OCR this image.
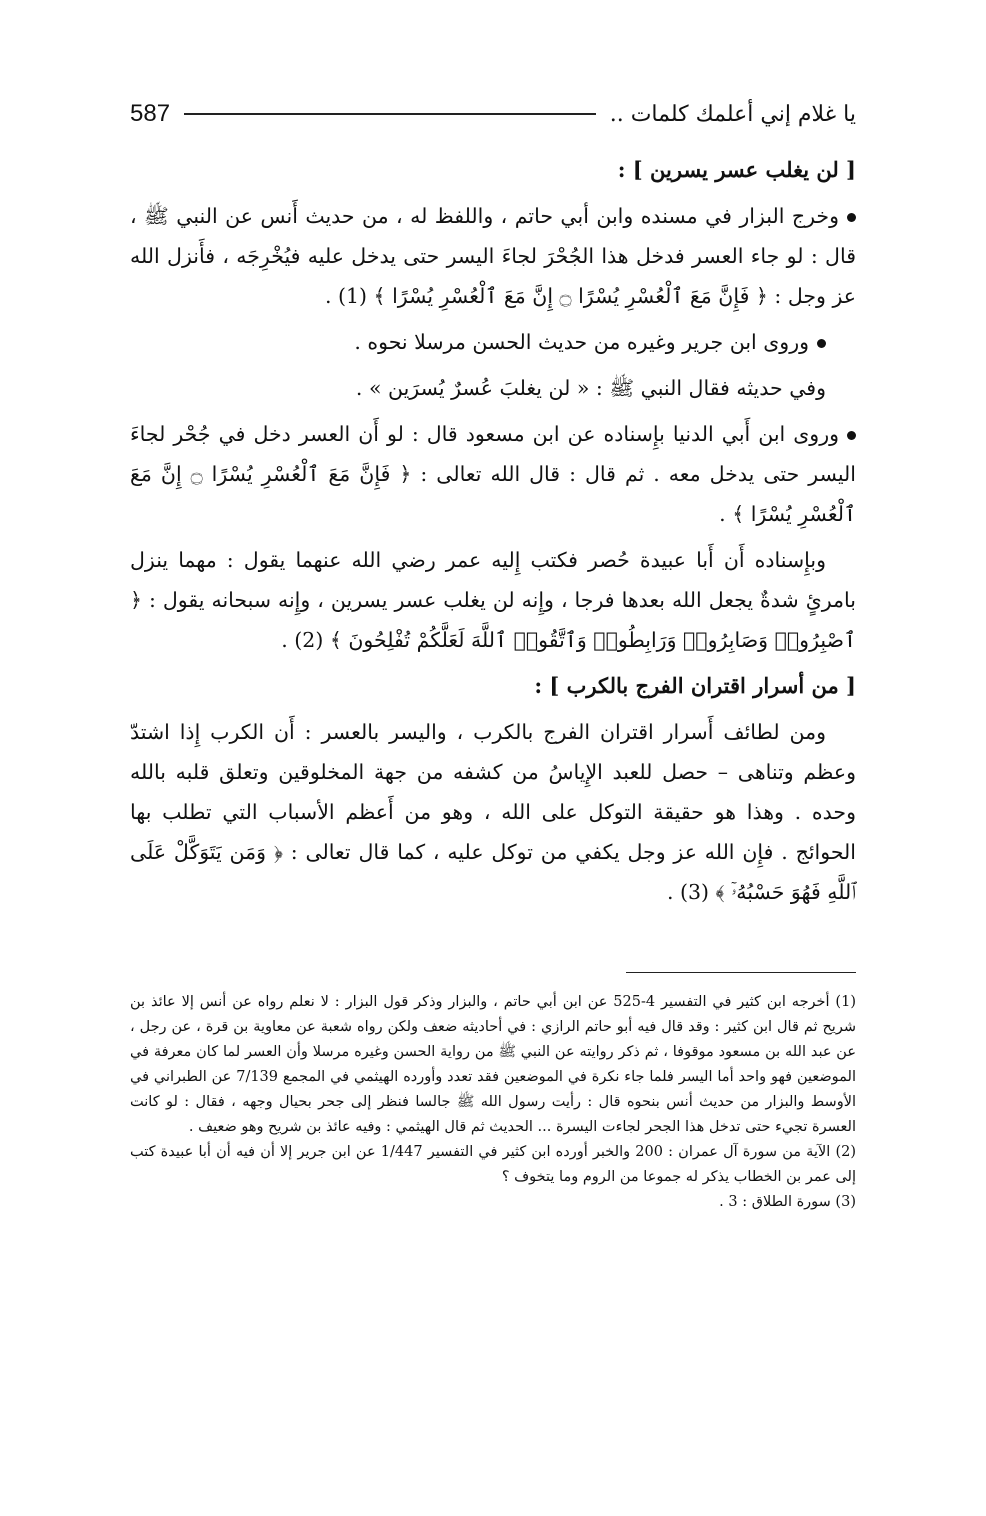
يا غلام إني أعلمك كلمات ..
587

[ لن يغلب عسر يسرين ] :

وخرج البزار في مسنده وابن أبي حاتم ، واللفظ له ، من حديث أَنس عن النبي ﷺ ، قال : لو جاء العسر فدخل هذا الجُحْرَ لجاءَ اليسر حتى يدخل عليه فيُخْرِجَه ، فأَنزل الله عز وجل : ﴿ فَإِنَّ مَعَ ٱلْعُسْرِ يُسْرًا ۝ إِنَّ مَعَ ٱلْعُسْرِ يُسْرًا ﴾ (1) .

وروى ابن جرير وغيره من حديث الحسن مرسلا نحوه .

وفي حديثه فقال النبي ﷺ : « لن يغلبَ عُسرٌ يُسرَين » .

وروى ابن أَبي الدنيا بإِسناده عن ابن مسعود قال : لو أَن العسر دخل في جُحْر لجاءَ اليسر حتى يدخل معه . ثم قال : قال الله تعالى : ﴿ فَإِنَّ مَعَ ٱلْعُسْرِ يُسْرًا ۝ إِنَّ مَعَ ٱلْعُسْرِ يُسْرًا ﴾ .

وبإِسناده أَن أَبا عبيدة حُصر فكتب إِليه عمر رضي الله عنهما يقول : مهما ينزل بامرئٍ شدةٌ يجعل الله بعدها فرجا ، وإِنه لن يغلب عسر يسرين ، وإِنه سبحانه يقول : ﴿ ٱصْبِرُوا۟ وَصَابِرُوا۟ وَرَابِطُوا۟ وَٱتَّقُوا۟ ٱللَّهَ لَعَلَّكُمْ تُفْلِحُونَ ﴾ (2) .

[ من أسرار اقتران الفرج بالكرب ] :

ومن لطائف أَسرار اقتران الفرج بالكرب ، واليسر بالعسر : أَن الكرب إِذا اشتدّ وعظم وتناهى – حصل للعبد الإِياسُ من كشفه من جهة المخلوقين وتعلق قلبه بالله وحده . وهذا هو حقيقة التوكل على الله ، وهو من أَعظم الأسباب التي تطلب بها الحوائج . فإِن الله عز وجل يكفي من توكل عليه ، كما قال تعالى : ﴿ وَمَن يَتَوَكَّلْ عَلَى ٱللَّهِ فَهُوَ حَسْبُهُۥٓ ﴾ (3) .

(1) أخرجه ابن كثير في التفسير 4-525 عن ابن أبي حاتم ، والبزار وذكر قول البزار : لا نعلم رواه عن أنس إلا عائذ بن شريح ثم قال ابن كثير : وقد قال فيه أبو حاتم الرازي : في أحاديثه ضعف ولكن رواه شعبة عن معاوية بن قرة ، عن رجل ، عن عبد الله بن مسعود موقوفا ، ثم ذكر روايته عن النبي ﷺ من رواية الحسن وغيره مرسلا وأن العسر لما كان معرفة في الموضعين فهو واحد أما اليسر فلما جاء نكرة في الموضعين فقد تعدد وأورده الهيثمي في المجمع 7/139 عن الطبراني في الأوسط والبزار من حديث أنس بنحوه قال : رأيت رسول الله ﷺ جالسا فنظر إلى جحر بحيال وجهه ، فقال : لو كانت العسرة تجيء حتى تدخل هذا الجحر لجاءت اليسرة ... الحديث ثم قال الهيثمي : وفيه عائذ بن شريح وهو ضعيف .

(2) الآية من سورة آل عمران : 200 والخبر أورده ابن كثير في التفسير 1/447 عن ابن جرير إلا أن فيه أن أبا عبيدة كتب إلى عمر بن الخطاب يذكر له جموعا من الروم وما يتخوف ؟

(3) سورة الطلاق : 3 .
